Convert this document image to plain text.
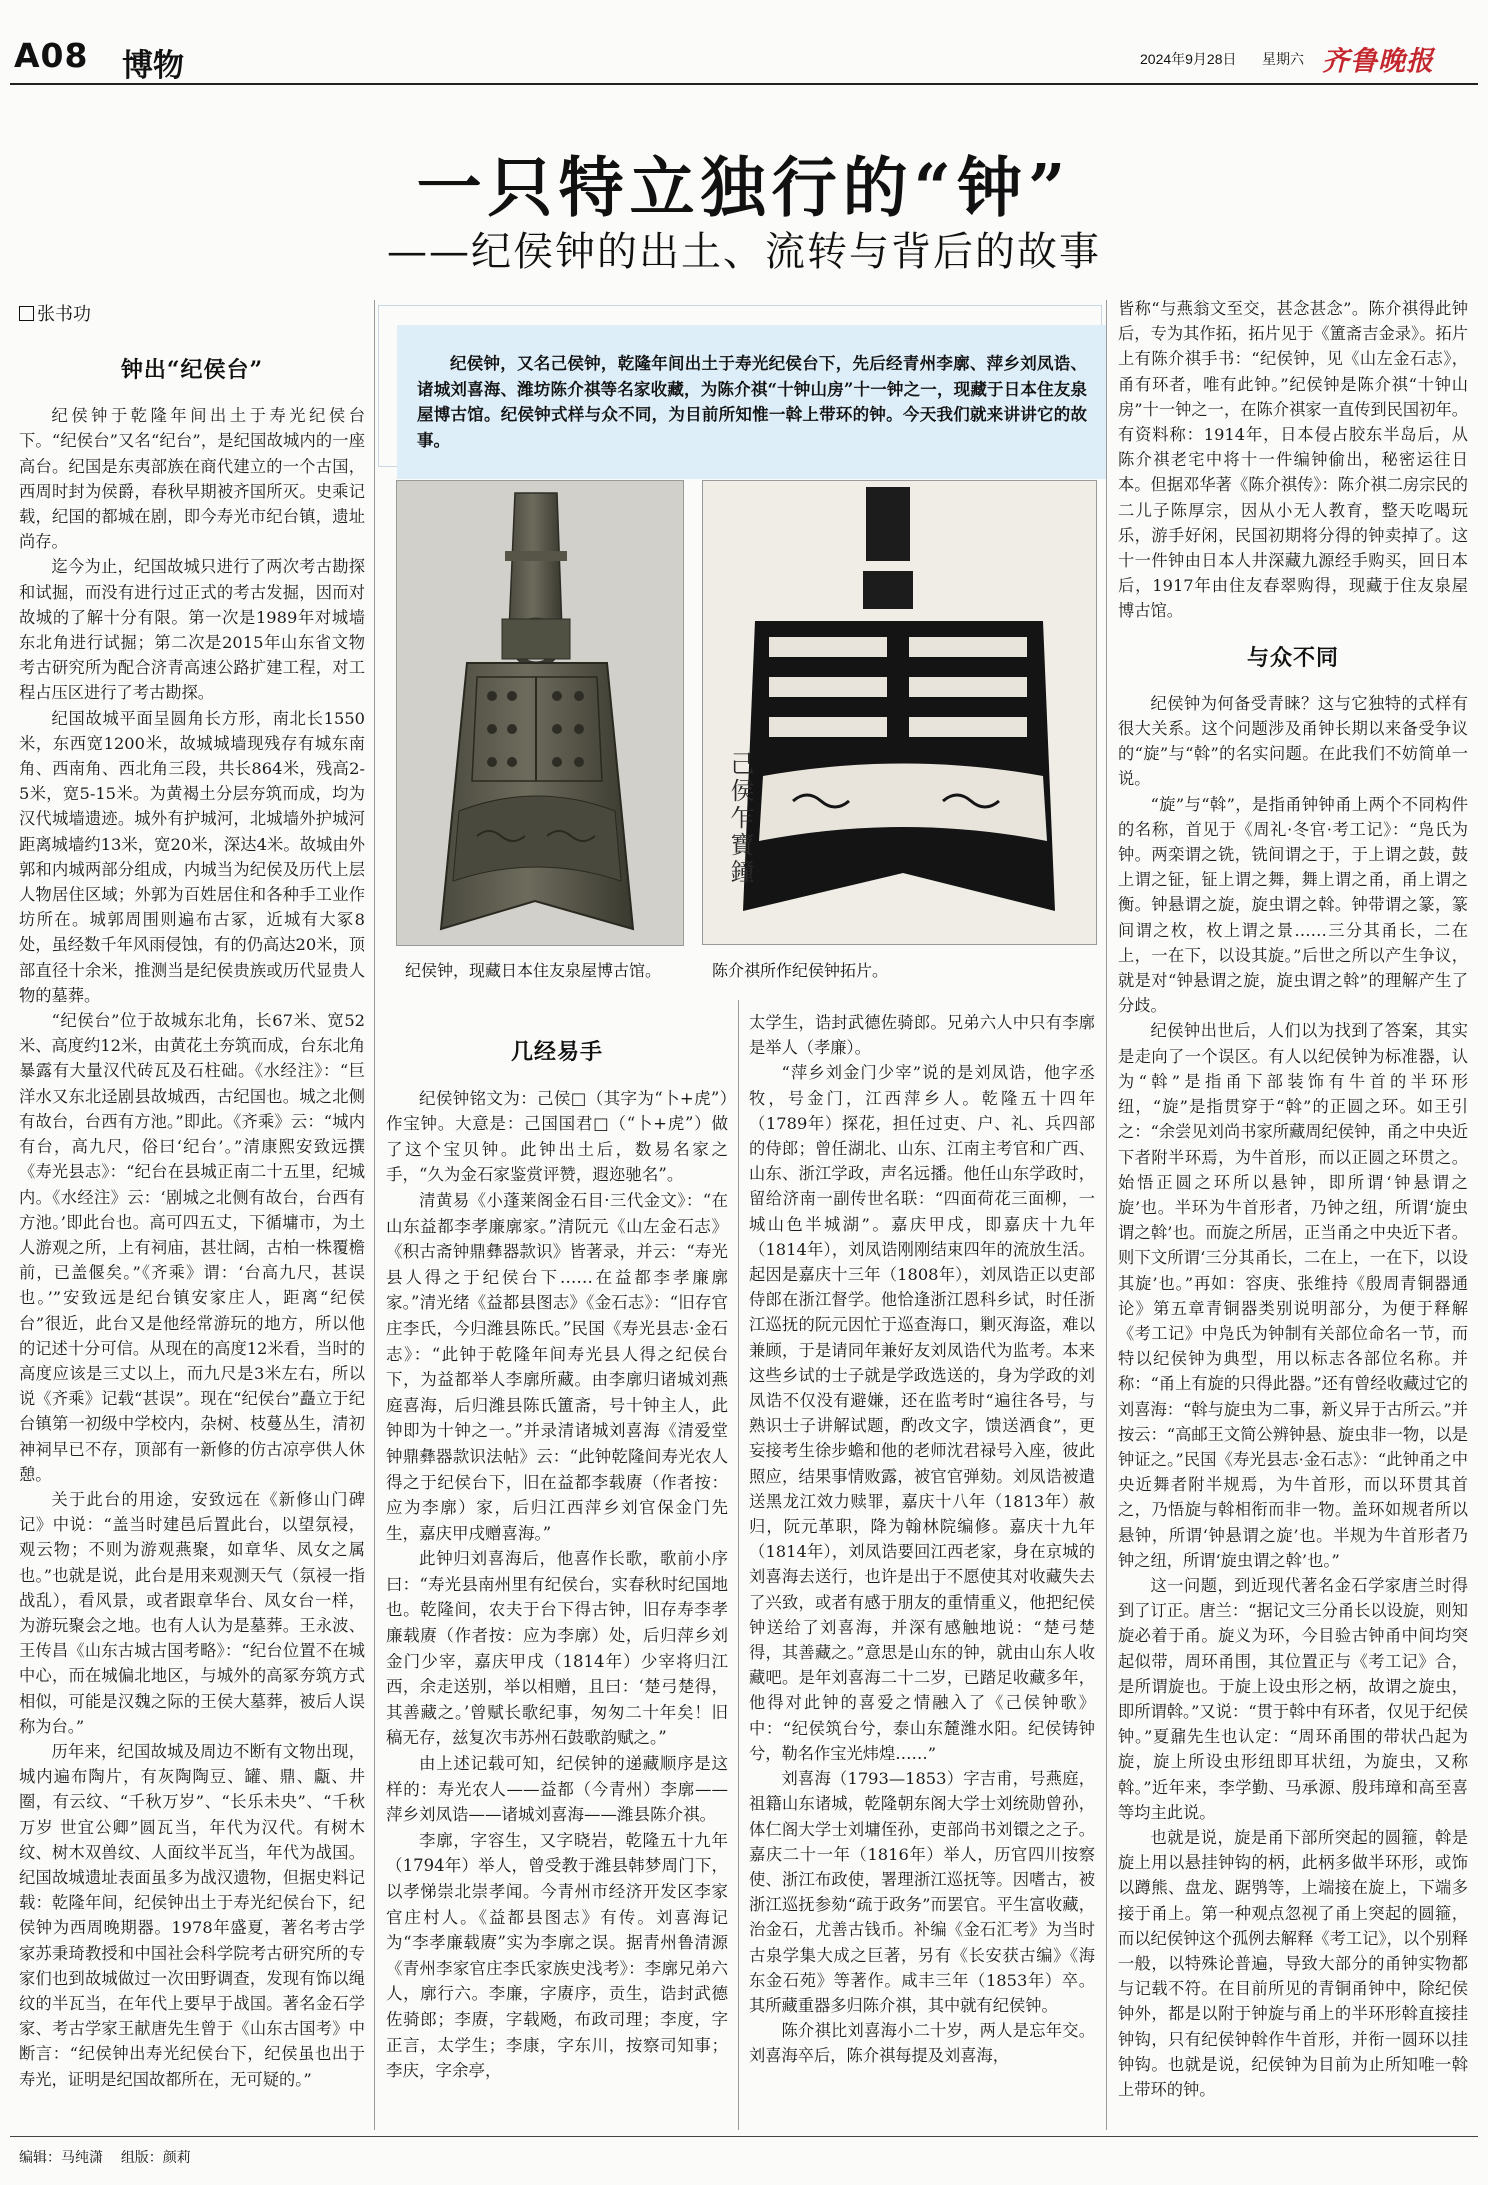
A08 博物	2024年9月28日 星期六 齐鲁晚报
一只特立独行的“钟”
——纪侯钟的出土、流转与背后的故事
张书功

纪侯钟，又名己侯钟，乾隆年间出土于寿光纪侯台下，先后经青州李廓、萍乡刘凤诰、诸城刘喜海、潍坊陈介祺等名家收藏，为陈介祺“十钟山房”十一钟之一，现藏于日本住友泉屋博古馆。纪侯钟式样与众不同，为目前所知惟一斡上带环的钟。今天我们就来讲讲它的故事。

纪侯钟，现藏日本住友泉屋博古馆。
己侯乍寶鐘
陈介祺所作纪侯钟拓片。
钟出“纪侯台”

纪侯钟于乾隆年间出土于寿光纪侯台下。“纪侯台”又名“纪台”，是纪国故城内的一座高台。纪国是东夷部族在商代建立的一个古国，西周时封为侯爵，春秋早期被齐国所灭。史乘记载，纪国的都城在剧，即今寿光市纪台镇，遗址尚存。

迄今为止，纪国故城只进行了两次考古勘探和试掘，而没有进行过正式的考古发掘，因而对故城的了解十分有限。第一次是1989年对城墙东北角进行试掘；第二次是2015年山东省文物考古研究所为配合济青高速公路扩建工程，对工程占压区进行了考古勘探。

纪国故城平面呈圆角长方形，南北长1550米，东西宽1200米，故城城墙现残存有城东南角、西南角、西北角三段，共长864米，残高2-5米，宽5-15米。为黄褐土分层夯筑而成，均为汉代城墙遗迹。城外有护城河，北城墙外护城河距离城墙约13米，宽20米，深达4米。故城由外郭和内城两部分组成，内城当为纪侯及历代上层人物居住区域；外郭为百姓居住和各种手工业作坊所在。城郭周围则遍布古冢，近城有大冢8处，虽经数千年风雨侵蚀，有的仍高达20米，顶部直径十余米，推测当是纪侯贵族或历代显贵人物的墓葬。

“纪侯台”位于故城东北角，长67米、宽52米、高度约12米，由黄花土夯筑而成，台东北角暴露有大量汉代砖瓦及石柱础。《水经注》：“巨洋水又东北迳剧县故城西，古纪国也。城之北侧有故台，台西有方池。”即此。《齐乘》云：“城内有台，高九尺，俗曰‘纪台’。”清康熙安致远撰《寿光县志》：“纪台在县城正南二十五里，纪城内。《水经注》云：‘剧城之北侧有故台，台西有方池。’即此台也。高可四五丈，下循墉市，为土人游观之所，上有祠庙，甚壮阔，古柏一株覆檐前，已盖偃矣。”《齐乘》谓：‘台高九尺，甚误也。’”安致远是纪台镇安家庄人，距离“纪侯台”很近，此台又是他经常游玩的地方，所以他的记述十分可信。从现在的高度12米看，当时的高度应该是三丈以上，而九尺是3米左右，所以说《齐乘》记载“甚误”。现在“纪侯台”矗立于纪台镇第一初级中学校内，杂树、枝蔓丛生，清初神祠早已不存，顶部有一新修的仿古凉亭供人休憩。

关于此台的用途，安致远在《新修山门碑记》中说：“盖当时建邑后置此台，以望氛祲，观云物；不则为游观燕聚，如章华、凤女之属也。”也就是说，此台是用来观测天气（氛祲一指战乱），看风景，或者跟章华台、凤女台一样，为游玩聚会之地。也有人认为是墓葬。王永波、王传昌《山东古城古国考略》：“纪台位置不在城中心，而在城偏北地区，与城外的高冢夯筑方式相似，可能是汉魏之际的王侯大墓葬，被后人误称为台。”

历年来，纪国故城及周边不断有文物出现，城内遍布陶片，有灰陶陶豆、罐、鼎、甗、井圈，有云纹、“千秋万岁”、“长乐未央”、“千秋万岁 世宜公卿”圆瓦当，年代为汉代。有树木纹、树木双兽纹、人面纹半瓦当，年代为战国。纪国故城遗址表面虽多为战汉遗物，但据史料记载：乾隆年间，纪侯钟出土于寿光纪侯台下，纪侯钟为西周晚期器。1978年盛夏，著名考古学家苏秉琦教授和中国社会科学院考古研究所的专家们也到故城做过一次田野调查，发现有饰以绳纹的半瓦当，在年代上要早于战国。著名金石学家、考古学家王献唐先生曾于《山东古国考》中断言：“纪侯钟出寿光纪侯台下，纪侯虽也出于寿光，证明是纪国故都所在，无可疑的。”

几经易手

纪侯钟铭文为：己侯□（其字为“卜+虎”）作宝钟。大意是：己国国君□（“卜+虎”）做了这个宝贝钟。此钟出土后，数易名家之手，“久为金石家鉴赏评赞，遐迩驰名”。

清黄易《小蓬莱阁金石目·三代金文》：“在山东益都李孝廉廓家。”清阮元《山左金石志》《积古斋钟鼎彝器款识》皆著录，并云：“寿光县人得之于纪侯台下……在益都李孝廉廓家。”清光绪《益都县图志》《金石志》：“旧存官庄李氏，今归潍县陈氏。”民国《寿光县志·金石志》：“此钟于乾隆年间寿光县人得之纪侯台下，为益都举人李廓所藏。由李廓归诸城刘燕庭喜海，后归潍县陈氏簠斋，号十钟主人，此钟即为十钟之一。”并录清诸城刘喜海《清爱堂钟鼎彝器款识法帖》云：“此钟乾隆间寿光农人得之于纪侯台下，旧在益都李载赓（作者按：应为李廓）家，后归江西萍乡刘官保金门先生，嘉庆甲戌赠喜海。”

此钟归刘喜海后，他喜作长歌，歌前小序曰：“寿光县南州里有纪侯台，实春秋时纪国地也。乾隆间，农夫于台下得古钟，旧存寿李孝廉载赓（作者按：应为李廓）处，后归萍乡刘金门少宰，嘉庆甲戌（1814年）少宰将归江西，余走送别，举以相赠，且曰：‘楚弓楚得，其善藏之。’曾赋长歌纪事，匆匆二十年矣！旧稿无存，兹复次韦苏州石鼓歌韵赋之。”

由上述记载可知，纪侯钟的递藏顺序是这样的：寿光农人——益都（今青州）李廓——萍乡刘凤诰——诸城刘喜海——潍县陈介祺。

李廓，字容生，又字晓岩，乾隆五十九年（1794年）举人，曾受教于潍县韩梦周门下，以孝悌崇北崇孝闻。今青州市经济开发区李家官庄村人。《益都县图志》有传。刘喜海记为“李孝廉载赓”实为李廓之误。据青州鲁清源《青州李家官庄李氏家族史浅考》：李廓兄弟六人，廓行六。李廉，字赓序，贡生，诰封武德佐骑郎；李赓，字载飏，布政司理；李度，字正言，太学生；李康，字东川，按察司知事；李庆，字余亭，

太学生，诰封武德佐骑郎。兄弟六人中只有李廓是举人（孝廉）。

“萍乡刘金门少宰”说的是刘凤诰，他字丞牧，号金门，江西萍乡人。乾隆五十四年（1789年）探花，担任过吏、户、礼、兵四部的侍郎；曾任湖北、山东、江南主考官和广西、山东、浙江学政，声名远播。他任山东学政时，留给济南一副传世名联：“四面荷花三面柳，一城山色半城湖”。嘉庆甲戌，即嘉庆十九年（1814年），刘凤诰刚刚结束四年的流放生活。起因是嘉庆十三年（1808年），刘凤诰正以吏部侍郎在浙江督学。他恰逢浙江恩科乡试，时任浙江巡抚的阮元因忙于巡查海口，剿灭海盗，难以兼顾，于是请同年兼好友刘凤诰代为监考。本来这些乡试的士子就是学政选送的，身为学政的刘凤诰不仅没有避嫌，还在监考时“遍往各号，与熟识士子讲解试题，酌改文字，馈送酒食”，更妄接考生徐步蟾和他的老师沈君禄号入座，彼此照应，结果事情败露，被官官弹劾。刘凤诰被遣送黑龙江效力赎罪，嘉庆十八年（1813年）赦归，阮元革职，降为翰林院编修。嘉庆十九年（1814年），刘凤诰要回江西老家，身在京城的刘喜海去送行，也许是出于不愿使其对收藏失去了兴致，或者有感于朋友的重情重义，他把纪侯钟送给了刘喜海，并深有感触地说：“楚弓楚得，其善藏之。”意思是山东的钟，就由山东人收藏吧。是年刘喜海二十二岁，已踏足收藏多年，他得对此钟的喜爱之情融入了《己侯钟歌》中：“纪侯筑台兮，泰山东麓潍水阳。纪侯铸钟兮，勒名作宝光炜煌……”

刘喜海（1793—1853）字吉甫，号燕庭，祖籍山东诸城，乾隆朝东阁大学士刘统勋曾孙，体仁阁大学士刘墉侄孙，吏部尚书刘镮之之子。嘉庆二十一年（1816年）举人，历官四川按察使、浙江布政使，署理浙江巡抚等。因嗜古，被浙江巡抚参劾“疏于政务”而罢官。平生富收藏，治金石，尤善古钱币。补编《金石汇考》为当时古泉学集大成之巨著，另有《长安获古编》《海东金石苑》等著作。咸丰三年（1853年）卒。其所藏重器多归陈介祺，其中就有纪侯钟。

陈介祺比刘喜海小二十岁，两人是忘年交。刘喜海卒后，陈介祺每提及刘喜海，

皆称“与燕翁文至交，甚念甚念”。陈介祺得此钟后，专为其作拓，拓片见于《簠斋吉金录》。拓片上有陈介祺手书：“纪侯钟，见《山左金石志》，甬有环者，唯有此钟。”纪侯钟是陈介祺“十钟山房”十一钟之一，在陈介祺家一直传到民国初年。有资料称：1914年，日本侵占胶东半岛后，从陈介祺老宅中将十一件编钟偷出，秘密运往日本。但据邓华著《陈介祺传》：陈介祺二房宗民的二儿子陈厚宗，因从小无人教育，整天吃喝玩乐，游手好闲，民国初期将分得的钟卖掉了。这十一件钟由日本人井深藏九源经手购买，回日本后，1917年由住友春翠购得，现藏于住友泉屋博古馆。

与众不同

纪侯钟为何备受青睐？这与它独特的式样有很大关系。这个问题涉及甬钟长期以来备受争议的“旋”与“斡”的名实问题。在此我们不妨简单一说。

“旋”与“斡”，是指甬钟钟甬上两个不同构件的名称，首见于《周礼·冬官·考工记》：“凫氏为钟。两栾谓之铣，铣间谓之于，于上谓之鼓，鼓上谓之钲，钲上谓之舞，舞上谓之甬，甬上谓之衡。钟悬谓之旋，旋虫谓之斡。钟带谓之篆，篆间谓之枚，枚上谓之景……三分其甬长，二在上，一在下，以设其旋。”后世之所以产生争议，就是对“钟悬谓之旋，旋虫谓之斡”的理解产生了分歧。

纪侯钟出世后，人们以为找到了答案，其实是走向了一个误区。有人以纪侯钟为标准器，认为“斡”是指甬下部装饰有牛首的半环形纽，“旋”是指贯穿于“斡”的正圆之环。如王引之：“余尝见刘尚书家所藏周纪侯钟，甬之中央近下者附半环焉，为牛首形，而以正圆之环贯之。始悟正圆之环所以悬钟，即所谓‘钟悬谓之旋’也。半环为牛首形者，乃钟之纽，所谓‘旋虫谓之斡’也。而旋之所居，正当甬之中央近下者。则下文所谓‘三分其甬长，二在上，一在下，以设其旋’也。”再如：容庚、张维持《殷周青铜器通论》第五章青铜器类别说明部分，为便于释解《考工记》中凫氏为钟制有关部位命名一节，而特以纪侯钟为典型，用以标志各部位名称。并称：“甬上有旋的只得此器。”还有曾经收藏过它的刘喜海：“斡与旋虫为二事，新义异于古所云。”并按云：“高邮王文简公辨钟悬、旋虫非一物，以是钟证之。”民国《寿光县志·金石志》：“此钟甬之中央近舞者附半规焉，为牛首形，而以环贯其首之，乃悟旋与斡相衔而非一物。盖环如规者所以悬钟，所谓‘钟悬谓之旋’也。半规为牛首形者乃钟之纽，所谓‘旋虫谓之斡’也。”

这一问题，到近现代著名金石学家唐兰时得到了订正。唐兰：“据记文三分甬长以设旋，则知旋必着于甬。旋义为环，今目验古钟甬中间均突起似带，周环甬围，其位置正与《考工记》合，是所谓旋也。于旋上设虫形之柄，故谓之旋虫，即所谓斡。”又说：“贯于斡中有环者，仅见于纪侯钟。”夏鼐先生也认定：“周环甬围的带状凸起为旋，旋上所设虫形纽即耳状纽，为旋虫，又称斡。”近年来，李学勤、马承源、殷玮璋和高至喜等均主此说。

也就是说，旋是甬下部所突起的圆箍，斡是旋上用以悬挂钟钩的柄，此柄多做半环形，或饰以蹲熊、盘龙、踞鸮等，上端接在旋上，下端多接于甬上。第一种观点忽视了甬上突起的圆箍，而以纪侯钟这个孤例去解释《考工记》，以个别释一般，以特殊论普遍，导致大部分的甬钟实物都与记载不符。在目前所见的青铜甬钟中，除纪侯钟外，都是以附于钟旋与甬上的半环形斡直接挂钟钩，只有纪侯钟斡作牛首形，并衔一圆环以挂钟钩。也就是说，纪侯钟为目前为止所知唯一斡上带环的钟。

编辑：马纯潇 组版：颜莉
